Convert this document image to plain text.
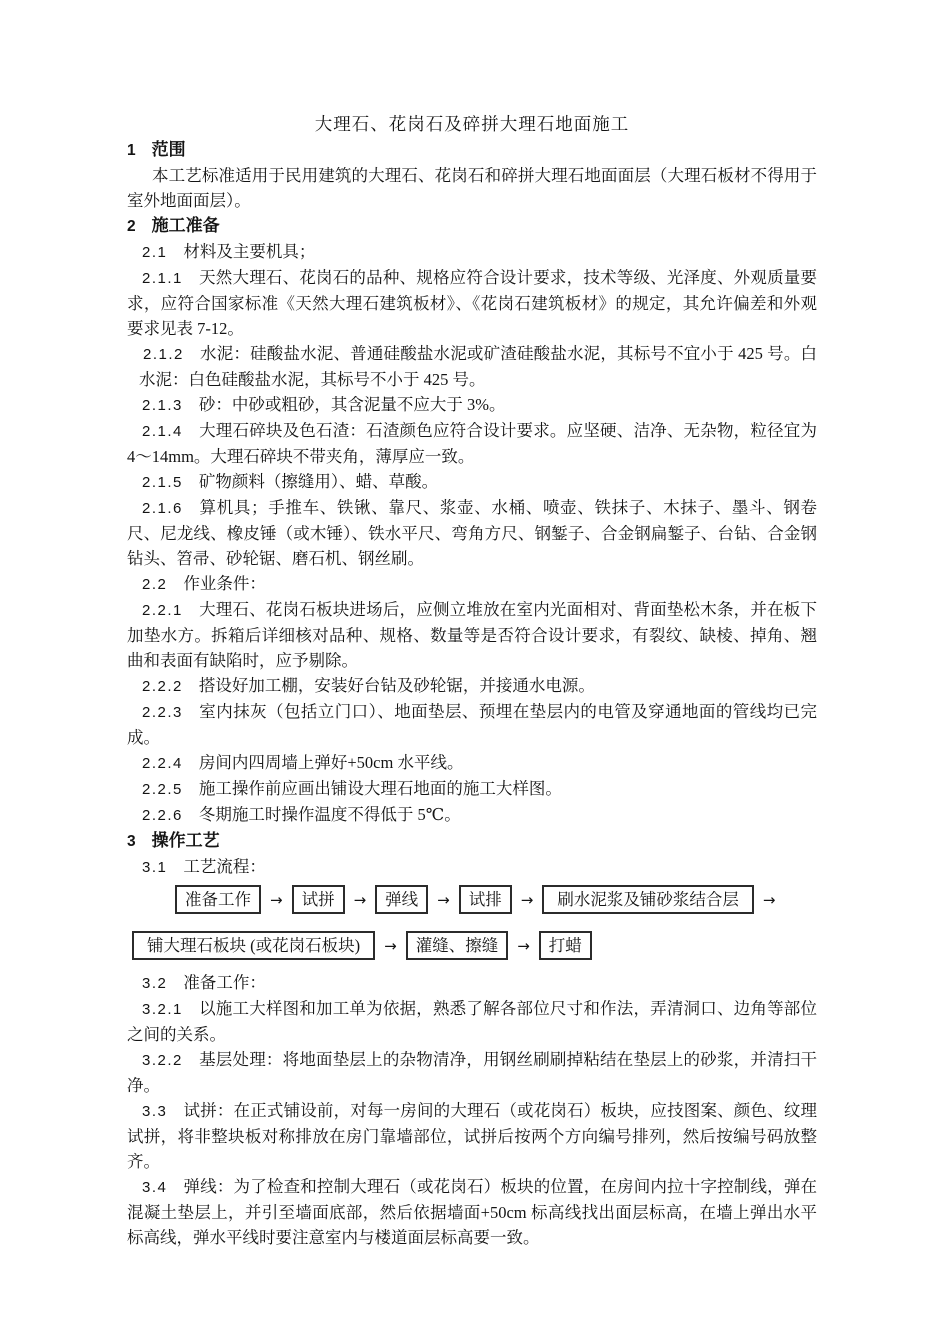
大理石、花岗石及碎拼大理石地面施工
1 范围

本工艺标准适用于民用建筑的大理石、花岗石和碎拼大理石地面面层（大理石板材不得用于室外地面面层）。

2 施工准备

2.1 材料及主要机具；

2.1.1 天然大理石、花岗石的品种、规格应符合设计要求，技术等级、光泽度、外观质量要求，应符合国家标准《天然大理石建筑板材》、《花岗石建筑板材》的规定，其允许偏差和外观要求见表 7-12。

2.1.2 水泥：硅酸盐水泥、普通硅酸盐水泥或矿渣硅酸盐水泥，其标号不宜小于 425 号。白水泥：白色硅酸盐水泥，其标号不小于 425 号。

2.1.3 砂：中砂或粗砂，其含泥量不应大于 3%。

2.1.4 大理石碎块及色石渣：石渣颜色应符合设计要求。应坚硬、洁净、无杂物，粒径宜为 4～14mm。大理石碎块不带夹角，薄厚应一致。

2.1.5 矿物颜料（擦缝用）、蜡、草酸。

2.1.6 算机具；手推车、铁锹、靠尺、浆壶、水桶、喷壶、铁抹子、木抹子、墨斗、钢卷尺、尼龙线、橡皮锤（或木锤）、铁水平尺、弯角方尺、钢錾子、合金钢扁錾子、台钻、合金钢钻头、笤帚、砂轮锯、磨石机、钢丝刷。

2.2 作业条件：

2.2.1 大理石、花岗石板块进场后，应侧立堆放在室内光面相对、背面垫松木条，并在板下加垫水方。拆箱后详细核对品种、规格、数量等是否符合设计要求，有裂纹、缺棱、掉角、翘曲和表面有缺陷时，应予剔除。

2.2.2 搭设好加工棚，安装好台钻及砂轮锯，并接通水电源。

2.2.3 室内抹灰（包括立门口）、地面垫层、预埋在垫层内的电管及穿通地面的管线均已完成。

2.2.4 房间内四周墙上弹好+50cm 水平线。

2.2.5 施工操作前应画出铺设大理石地面的施工大样图。

2.2.6 冬期施工时操作温度不得低于 5℃。

3 操作工艺

3.1 工艺流程：

准备工作	→	试拼	→	弹线	→	试排	→	刷水泥浆及铺砂浆结合层	→
铺大理石板块 (或花岗石板块)	→	灌缝、擦缝	→	打蜡

3.2 准备工作：

3.2.1 以施工大样图和加工单为依据，熟悉了解各部位尺寸和作法，弄清洞口、边角等部位之间的关系。

3.2.2 基层处理：将地面垫层上的杂物清净，用钢丝刷刷掉粘结在垫层上的砂浆，并清扫干净。

3.3 试拼：在正式铺设前，对每一房间的大理石（或花岗石）板块，应技图案、颜色、纹理试拼，将非整块板对称排放在房门靠墙部位，试拼后按两个方向编号排列，然后按编号码放整齐。

3.4 弹线：为了检查和控制大理石（或花岗石）板块的位置，在房间内拉十字控制线，弹在混凝土垫层上，并引至墙面底部，然后依据墙面+50cm 标高线找出面层标高，在墙上弹出水平标高线，弹水平线时要注意室内与楼道面层标高要一致。
